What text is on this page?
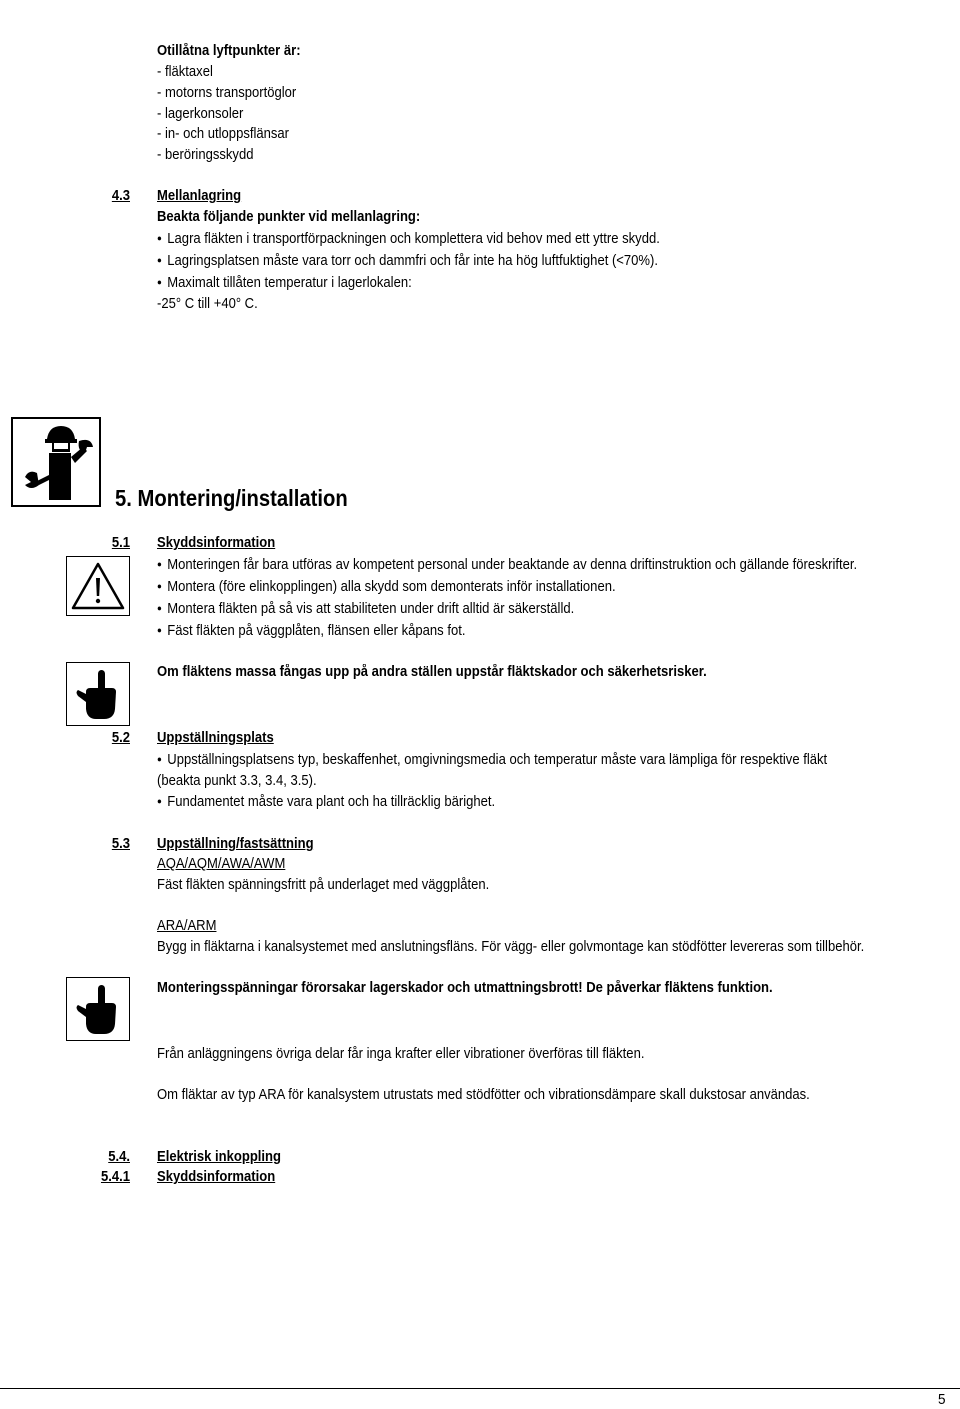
Otillåtna lyftpunkter är:
- fläktaxel
- motorns transportöglor
- lagerkonsoler
- in- och utloppsflänsar
- beröringsskydd
4.3 Mellanlagring
Beakta följande punkter vid mellanlagring:
● Lagra fläkten i transportförpackningen och komplettera vid behov med ett yttre skydd.
● Lagringsplatsen måste vara torr och dammfri och får inte ha hög luftfuktighet (<70%).
● Maximalt tillåten temperatur i lagerlokalen:
-25° C till +40° C.
5. Montering/installation
5.1 Skyddsinformation
● Monteringen får bara utföras av kompetent personal under beaktande av denna driftinstruktion och gällande föreskrifter.
● Montera (före elinkopplingen) alla skydd som demonterats inför installationen.
● Montera fläkten på så vis att stabiliteten under drift alltid är säkerställd.
● Fäst fläkten på väggplåten, flänsen eller kåpans fot.
Om fläktens massa fångas upp på andra ställen uppstår fläktskador och säkerhetsrisker.
5.2 Uppställningsplats
● Uppställningsplatsens typ, beskaffenhet, omgivningsmedia och temperatur måste vara lämpliga för respektive fläkt
(beakta punkt 3.3, 3.4, 3.5).
● Fundamentet måste vara plant och ha tillräcklig bärighet.
5.3 Uppställning/fastsättning
AQA/AQM/AWA/AWM
Fäst fläkten spänningsfritt på underlaget med väggplåten.
ARA/ARM
Bygg in fläktarna i kanalsystemet med anslutningsfläns. För vägg- eller golvmontage kan stödfötter levereras som tillbehör.
Monteringsspänningar förorsakar lagerskador och utmattningsbrott! De påverkar fläktens funktion.
Från anläggningens övriga delar får inga krafter eller vibrationer överföras till fläkten.
Om fläktar av typ ARA för kanalsystem utrustats med stödfötter och vibrationsdämpare skall dukstosar användas.
5.4. Elektrisk inkoppling
5.4.1 Skyddsinformation
5
